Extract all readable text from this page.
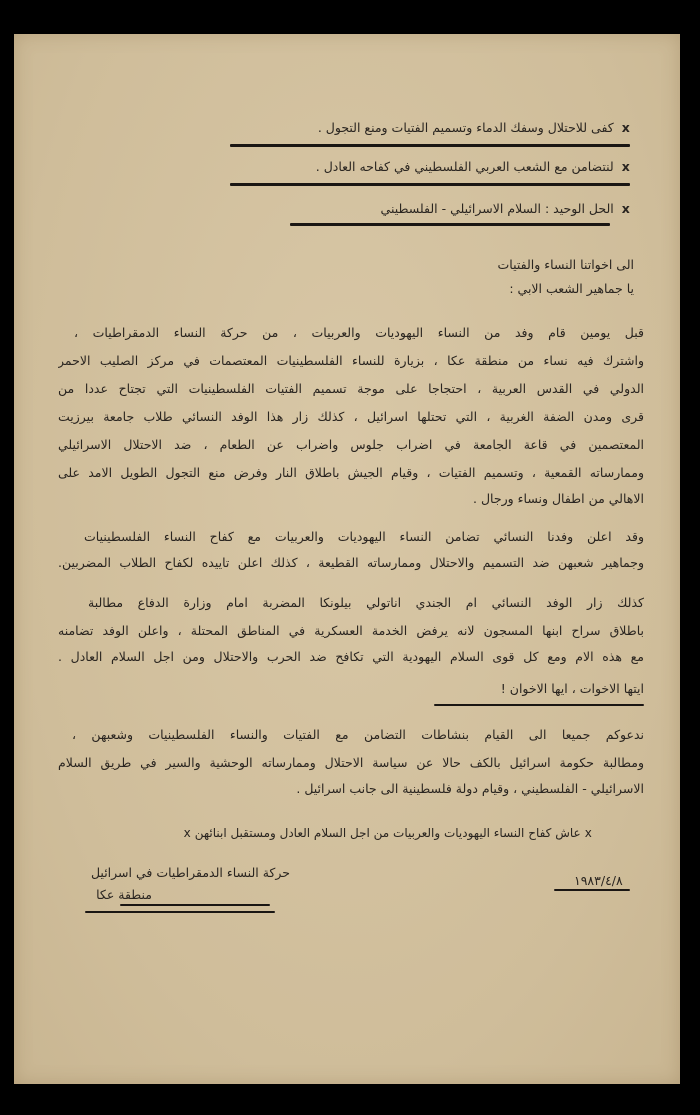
xكفى للاحتلال وسفك الدماء وتسميم الفتيات ومنع التجول .
xلنتضامن مع الشعب العربي الفلسطيني في كفاحه العادل .
xالحل الوحيد : السلام الاسرائيلي - الفلسطيني
الى اخواتنا النساء والفتيات
يا جماهير الشعب الابي :
قبل يومين قام وفد من النساء اليهوديات والعربيات ، من حركة النساء الدمقراطيات ،
واشترك فيه نساء من منطقة عكا ، بزيارة للنساء الفلسطينيات المعتصمات في مركز الصليب الاحمر
الدولي في القدس العربية ، احتجاجا على موجة تسميم الفتيات الفلسطينيات التي تجتاح عددا من
قرى ومدن الضفة الغربية ، التي تحتلها اسرائيل ، كذلك زار هذا الوفد النسائي طلاب جامعة بيرزيت
المعتصمين في قاعة الجامعة في اضراب جلوس واضراب عن الطعام ، ضد الاحتلال الاسرائيلي
وممارساته القمعية ، وتسميم الفتيات ، وقيام الجيش باطلاق النار وفرض منع التجول الطويل الامد على
الاهالي من اطفال ونساء ورجال .
وقد اعلن وفدنا النسائي تضامن النساء اليهوديات والعربيات مع كفاح النساء الفلسطينيات
وجماهير شعبهن ضد التسميم والاحتلال وممارساته القطيعة ، كذلك اعلن تاييده لكفاح الطلاب المضربين.
كذلك زار الوفد النسائي ام الجندي اناتولي بيلونكا المضربة امام وزارة الدفاع مطالبة
باطلاق سراح ابنها المسجون لانه يرفض الخدمة العسكرية في المناطق المحتلة ، واعلن الوفد تضامنه
مع هذه الام ومع كل قوى السلام اليهودية التي تكافح ضد الحرب والاحتلال ومن اجل السلام العادل .
ايتها الاخوات ، ايها الاخوان !
ندعوكم جميعا الى القيام بنشاطات التضامن مع الفتيات والنساء الفلسطينيات وشعبهن ،
ومطالبة حكومة اسرائيل بالكف حالا عن سياسة الاحتلال وممارساته الوحشية والسير في طريق السلام
الاسرائيلي - الفلسطيني ، وقيام دولة فلسطينية الى جانب اسرائيل .
x عاش كفاح النساء اليهوديات والعربيات من اجل السلام العادل ومستقبل ابنائهن x
حركة النساء الدمقراطيات في اسرائيل
منطقة عكا
١٩٨٣/٤/٨
